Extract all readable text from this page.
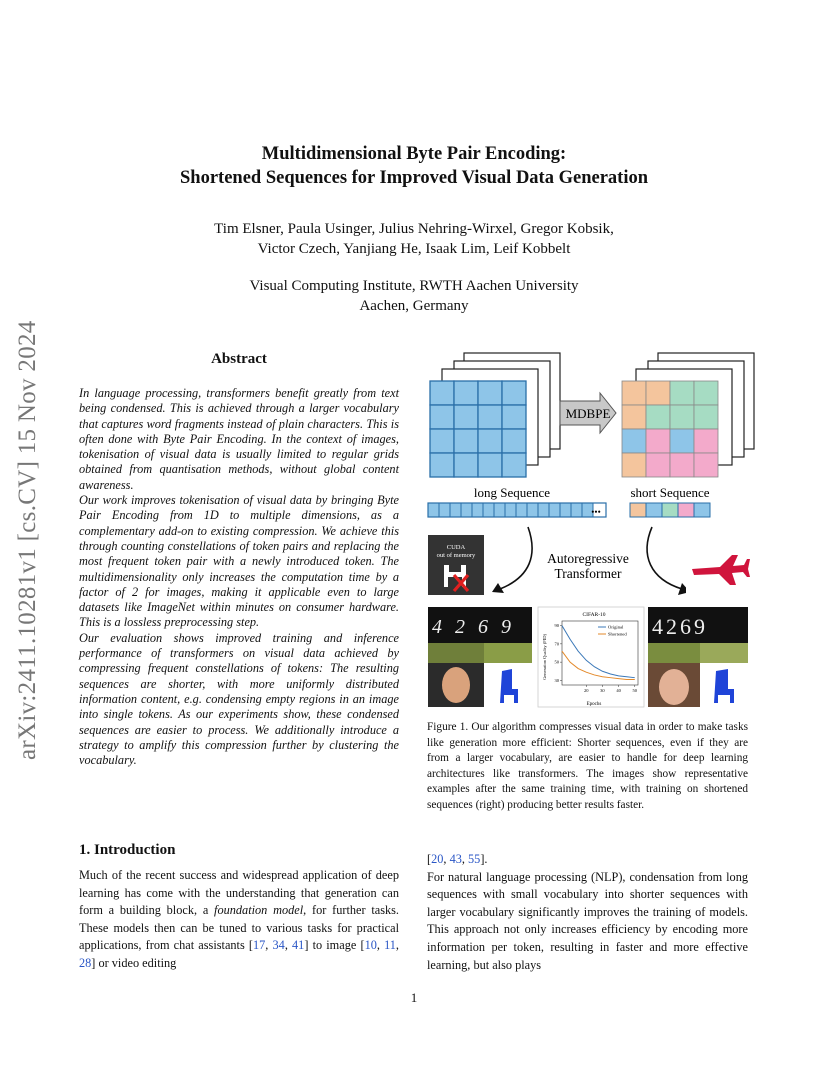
arXiv:2411.10281v1 [cs.CV] 15 Nov 2024
Multidimensional Byte Pair Encoding:
Shortened Sequences for Improved Visual Data Generation
Tim Elsner, Paula Usinger, Julius Nehring-Wirxel, Gregor Kobsik,
Victor Czech, Yanjiang He, Isaak Lim, Leif Kobbelt
Visual Computing Institute, RWTH Aachen University
Aachen, Germany
Abstract

In language processing, transformers benefit greatly from text being condensed. This is achieved through a larger vocabulary that captures word fragments instead of plain characters. This is often done with Byte Pair Encoding. In the context of images, tokenisation of visual data is usually limited to regular grids obtained from quantisation methods, without global content awareness.

Our work improves tokenisation of visual data by bringing Byte Pair Encoding from 1D to multiple dimensions, as a complementary add-on to existing compression. We achieve this through counting constellations of token pairs and replacing the most frequent token pair with a newly introduced token. The multidimensionality only increases the computation time by a factor of 2 for images, making it applicable even to large datasets like ImageNet within minutes on consumer hardware. This is a lossless preprocessing step.

Our evaluation shows improved training and inference performance of transformers on visual data achieved by compressing frequent constellations of tokens: The resulting sequences are shorter, with more uniformly distributed information content, e.g. condensing empty regions in an image into single tokens. As our experiments show, these condensed sequences are easier to process. We additionally introduce a strategy to amplify this compression further by clustering the vocabulary.

MDBPE
long Sequence	short Sequence
•••
Autoregressive
Transformer
CUDA
out of memory
4 2 6 9
CIFAR-10
30
50
70
90
20	30	40	50
Original
Shortened
Epochs
Generation Quality (FID)
4269
Figure 1. Our algorithm compresses visual data in order to make tasks like generation more efficient: Shorter sequences, even if they are from a larger vocabulary, are easier to handle for deep learning architectures like transformers. The images show representative examples after the same training time, with training on shortened sequences (right) producing better results faster.
1. Introduction

Much of the recent success and widespread application of deep learning has come with the understanding that generation can form a building block, a foundation model, for further tasks. These models then can be tuned to various tasks for practical applications, from chat assistants [17, 34, 41] to image [10, 11, 28] or video editing

[20, 43, 55].

For natural language processing (NLP), condensation from long sequences with small vocabulary into shorter sequences with larger vocabulary significantly improves the training of models. This approach not only increases efficiency by encoding more information per token, resulting in faster and more effective learning, but also plays

1
